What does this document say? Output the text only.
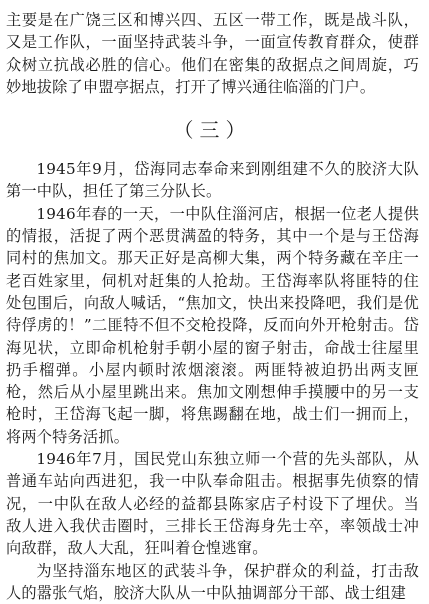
主要是在广饶三区和博兴四、五区一带工作，既是战斗队，又是工作队，一面坚持武装斗争，一面宣传教育群众，使群众树立抗战必胜的信心。他们在密集的敌据点之间周旋，巧妙地拔除了申盟亭据点，打开了博兴通往临淄的门户。

（三）

1945年9月，岱海同志奉命来到刚组建不久的胶济大队第一中队，担任了第三分队长。

1946年春的一天，一中队住淄河店，根据一位老人提供的情报，活捉了两个恶贯满盈的特务，其中一个是与王岱海同村的焦加文。那天正好是高柳大集，两个特务藏在辛庄一老百姓家里，伺机对赶集的人抢劫。王岱海率队将匪特的住处包围后，向敌人喊话，“焦加文，快出来投降吧，我们是优待俘虏的！”二匪特不但不交枪投降，反而向外开枪射击。岱海见状，立即命机枪射手朝小屋的窗子射击，命战士往屋里扔手榴弹。小屋内顿时浓烟滚滚。两匪特被迫扔出两支匣枪，然后从小屋里跳出来。焦加文刚想伸手摸腰中的另一支枪时，王岱海飞起一脚，将焦踢翻在地，战士们一拥而上，将两个特务活抓。

1946年7月，国民党山东独立师一个营的先头部队，从普通车站向西进犯，我一中队奉命阻击。根据事先侦察的情况，一中队在敌人必经的益都县陈家店子村设下了埋伏。当敌人进入我伏击圈时，三排长王岱海身先士卒，率领战士冲向敌群，敌人大乱，狂叫着仓惶逃窜。

为坚持淄东地区的武装斗争，保护群众的利益，打击敌人的嚣张气焰，胶济大队从一中队抽调部分干部、战士组建
